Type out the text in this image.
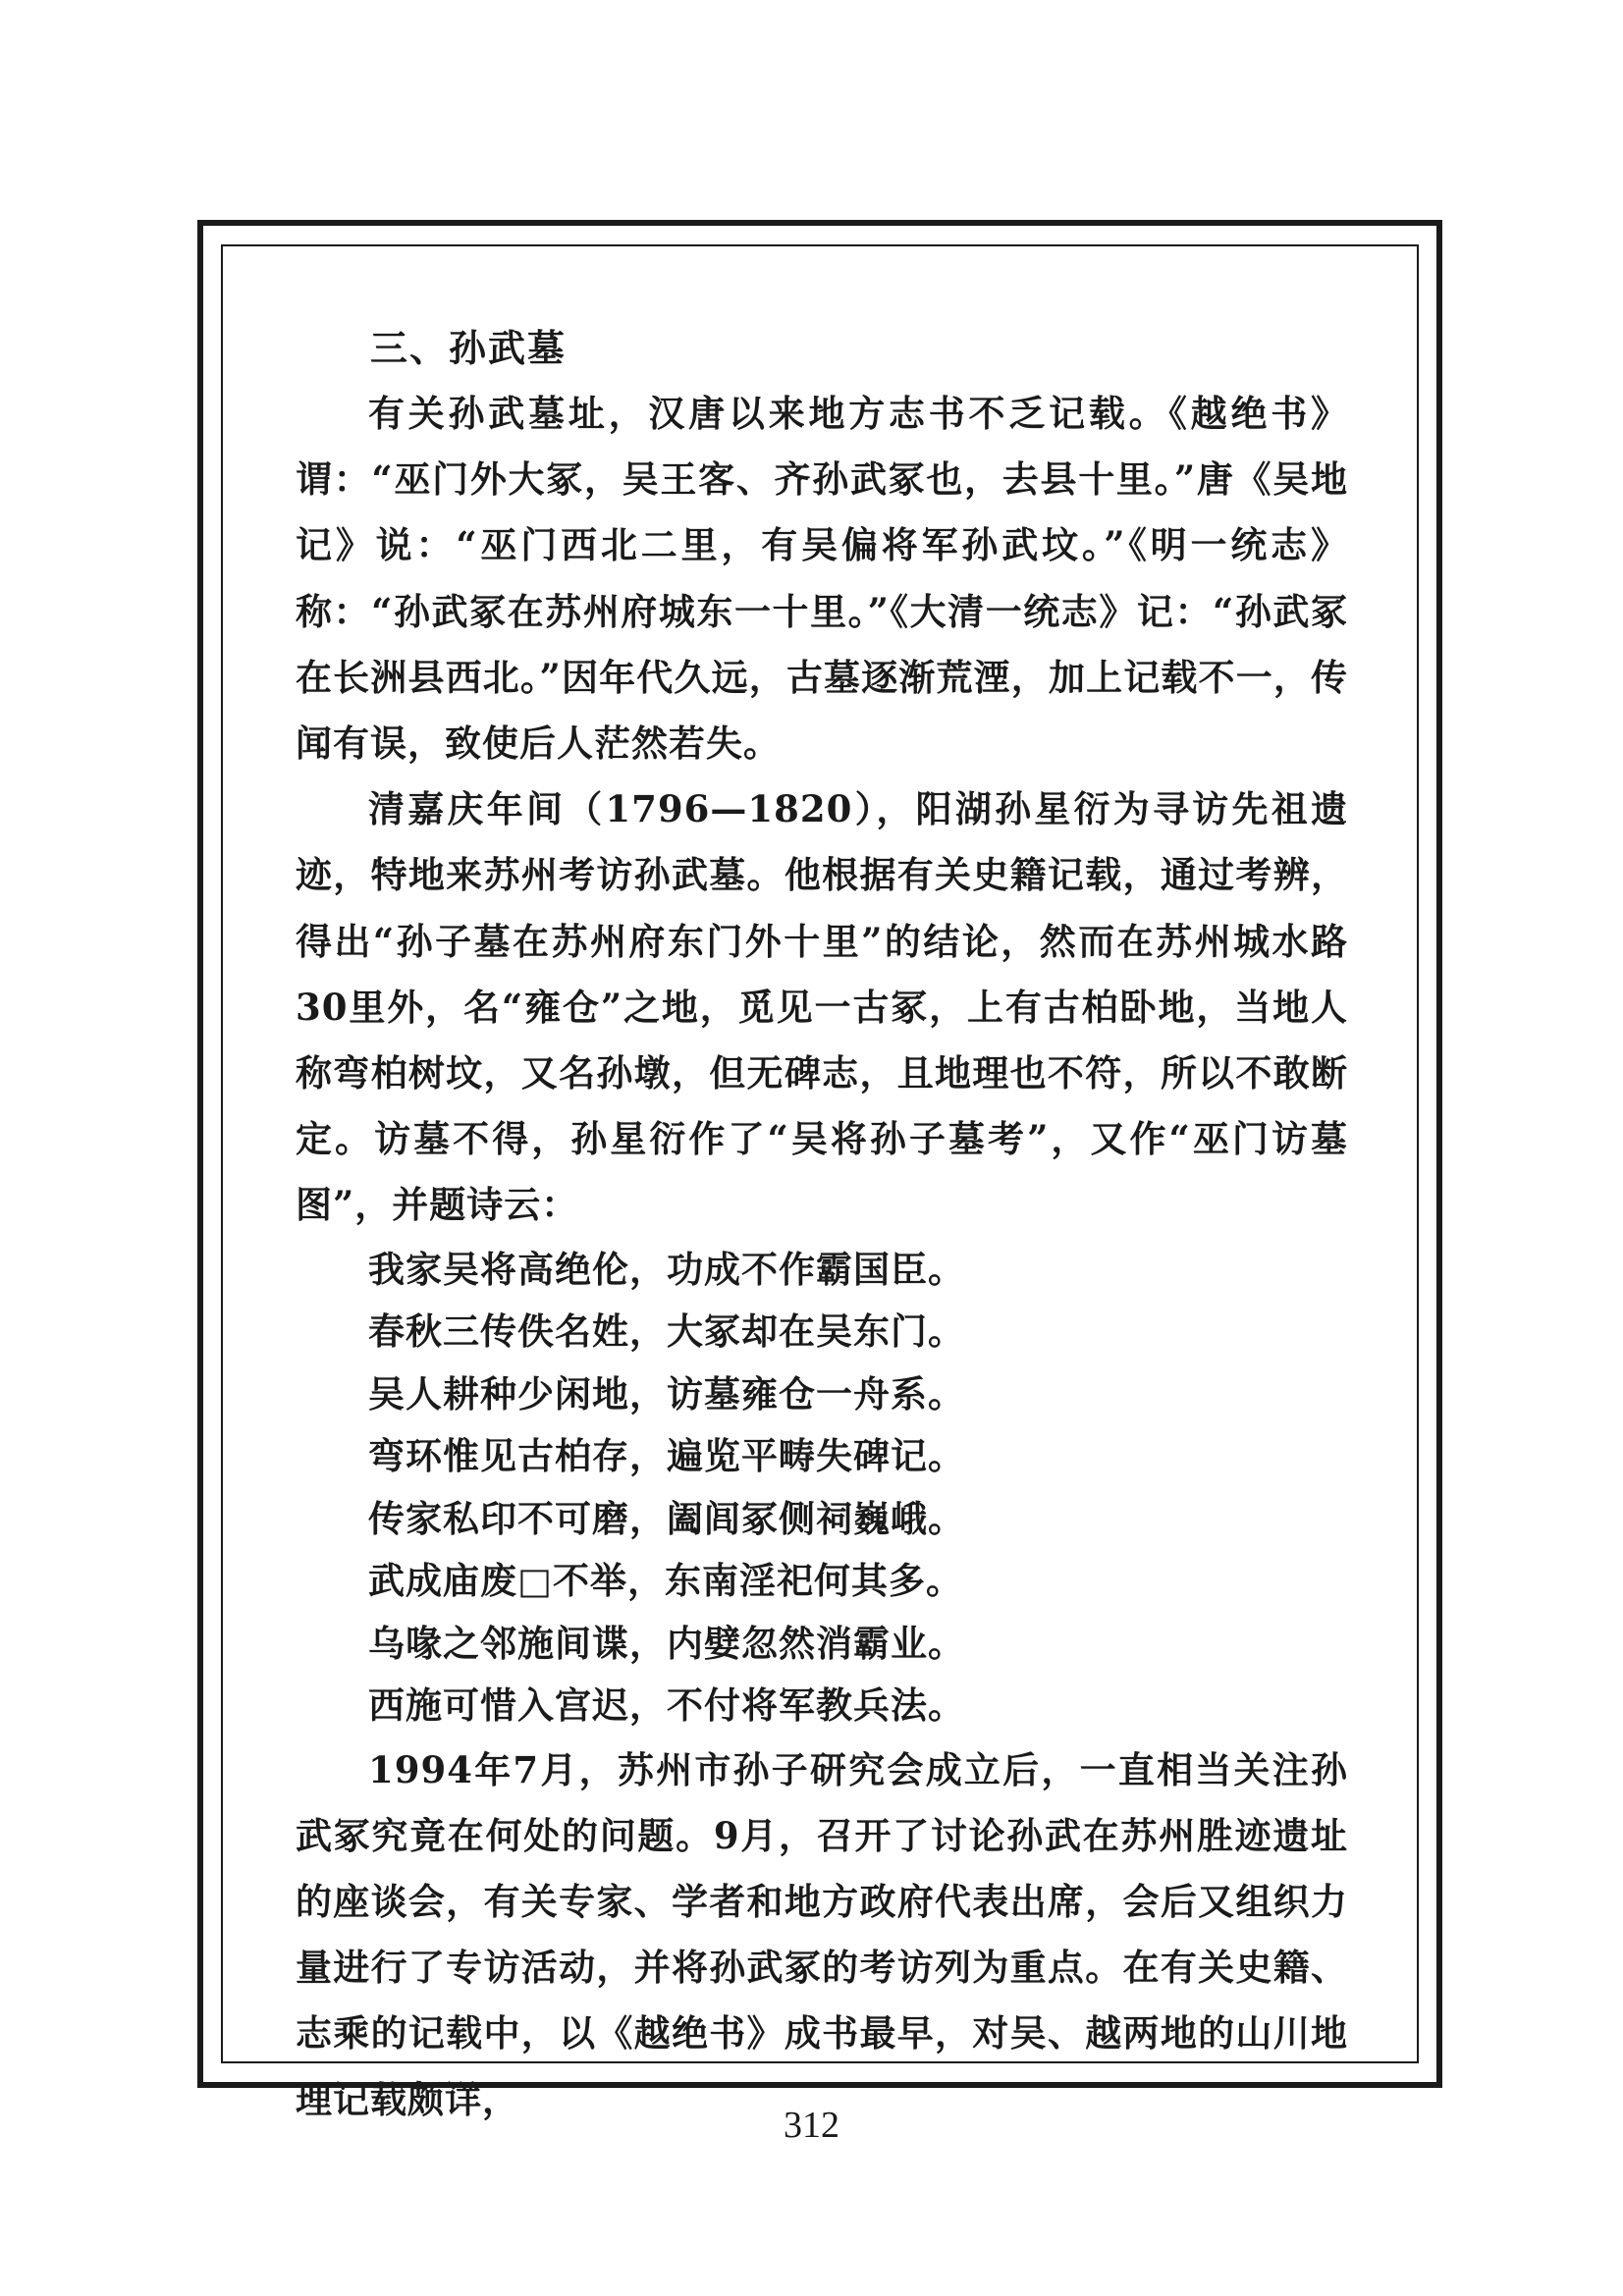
三、孙武墓

有关孙武墓址，汉唐以来地方志书不乏记载。《越绝书》谓：“巫门外大冢，吴王客、齐孙武冢也，去县十里。”唐《吴地记》说：“巫门西北二里，有吴偏将军孙武坟。”《明一统志》称：“孙武冢在苏州府城东一十里。”《大清一统志》记：“孙武冢在长洲县西北。”因年代久远，古墓逐渐荒湮，加上记载不一，传闻有误，致使后人茫然若失。

清嘉庆年间（1796—1820），阳湖孙星衍为寻访先祖遗迹，特地来苏州考访孙武墓。他根据有关史籍记载，通过考辨，得出“孙子墓在苏州府东门外十里”的结论，然而在苏州城水路30里外，名“雍仓”之地，觅见一古冢，上有古柏卧地，当地人称弯柏树坟，又名孙墩，但无碑志，且地理也不符，所以不敢断定。访墓不得，孙星衍作了“吴将孙子墓考”，又作“巫门访墓图”，并题诗云：

我家吴将高绝伦，功成不作霸国臣。
春秋三传佚名姓，大冢却在吴东门。
吴人耕种少闲地，访墓雍仓一舟系。
弯环惟见古柏存，遍览平畴失碑记。
传家私印不可磨，阖闾冢侧祠巍峨。
武成庙废□不举，东南淫祀何其多。
乌喙之邻施间谍，内嬖忽然消霸业。
西施可惜入宫迟，不付将军教兵法。

1994年7月，苏州市孙子研究会成立后，一直相当关注孙武冢究竟在何处的问题。9月，召开了讨论孙武在苏州胜迹遗址的座谈会，有关专家、学者和地方政府代表出席，会后又组织力量进行了专访活动，并将孙武冢的考访列为重点。在有关史籍、志乘的记载中，以《越绝书》成书最早，对吴、越两地的山川地理记载颇详，

312
